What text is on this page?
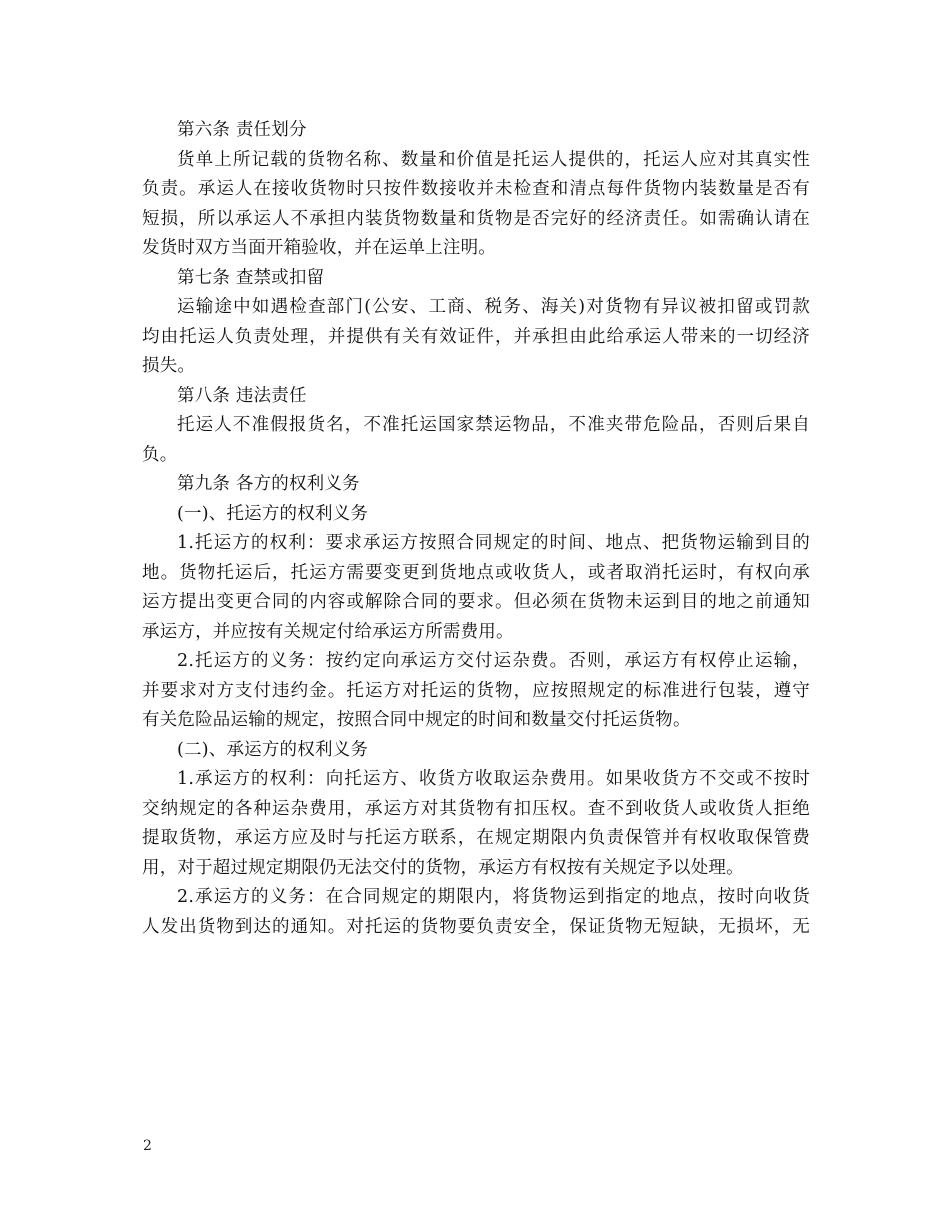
第六条 责任划分
货单上所记载的货物名称、数量和价值是托运人提供的，托运人应对其真实性
负责。承运人在接收货物时只按件数接收并未检查和清点每件货物内装数量是否有
短损，所以承运人不承担内装货物数量和货物是否完好的经济责任。如需确认请在
发货时双方当面开箱验收，并在运单上注明。
第七条 查禁或扣留
运输途中如遇检查部门(公安、工商、税务、海关)对货物有异议被扣留或罚款
均由托运人负责处理，并提供有关有效证件，并承担由此给承运人带来的一切经济
损失。
第八条 违法责任
托运人不准假报货名，不准托运国家禁运物品，不准夹带危险品，否则后果自
负。
第九条 各方的权利义务
(一)、托运方的权利义务
1.托运方的权利：要求承运方按照合同规定的时间、地点、把货物运输到目的
地。货物托运后，托运方需要变更到货地点或收货人，或者取消托运时，有权向承
运方提出变更合同的内容或解除合同的要求。但必须在货物未运到目的地之前通知
承运方，并应按有关规定付给承运方所需费用。
2.托运方的义务：按约定向承运方交付运杂费。否则，承运方有权停止运输，
并要求对方支付违约金。托运方对托运的货物，应按照规定的标准进行包装，遵守
有关危险品运输的规定，按照合同中规定的时间和数量交付托运货物。
(二)、承运方的权利义务
1.承运方的权利：向托运方、收货方收取运杂费用。如果收货方不交或不按时
交纳规定的各种运杂费用，承运方对其货物有扣压权。查不到收货人或收货人拒绝
提取货物，承运方应及时与托运方联系，在规定期限内负责保管并有权收取保管费
用，对于超过规定期限仍无法交付的货物，承运方有权按有关规定予以处理。
2.承运方的义务：在合同规定的期限内，将货物运到指定的地点，按时向收货
人发出货物到达的通知。对托运的货物要负责安全，保证货物无短缺，无损坏，无
2
